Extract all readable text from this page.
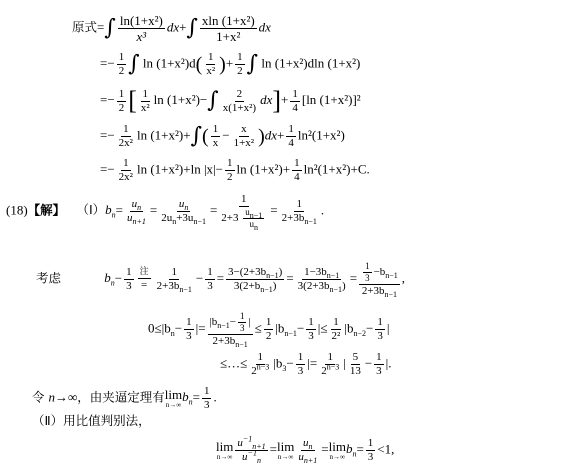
原式=∫ $\frac{\text{ln(1+x²)}}{\text{x³}} dx+\int \frac{\text{xln (1+x²)}}{\text{1+x²}}$ dx
=− $\frac{1}{2}$ ∫ $\ln (1+x^2)d( \frac{1}{\text{x²}}$ )+ $\frac{1}{2}$ ∫ ln (1+x²)dln (1+x²)
=− $\frac{1}{2}$ [ $\frac{1}{\text{x²}}$ $\ln (1+x^2)-\int \frac{2}{\text{x(1+x²)}} dx]+ \frac{1}{4} [\ln$ (1+x²)]²
=− $\frac{1}{\text{2x²}}$ $\ln (1+x^2)+\int( \frac{1}{x} - \frac{x}{\text{1+x²}} )dx+ \frac{1}{4} \ln^2(1+x^2)$
=− $\frac{1}{\text{2x²}}$ ln (1+x²)+ln $|x|- \frac{1}{2}$ $\ln (1+x^2)+ \frac{1}{4} \ln^2(1+x^2)+C$.
(18)【解】 $(Ⅰ)b_n= \frac{u_n}{u_{n+1}} = \frac{u_n}{2u_n+3u_{n-1}} = \frac{1}{2+3 \frac{u_{n-1}}{u_n}} = \frac{1}{2+3b_{n-1}}$ .
考虑	$b_n- \frac{1}{3} \frac{\text{注}}{=} \frac{1}{2+3b_{n-1}} - \frac{1}{3} = \frac{3-(2+3b_{n-1})}{3(2+b_{n-1})} = \frac{1-3b_{n-1}}{3(2+3b_{n-1})} = \frac{\frac{1}{3} -b_{n-1}}{2+3b_{n-1}}$ ,
$0\le|b_n- \frac{1}{3}$ |= $\frac{|b_{n-1}- \frac{1}{3} |}{2+3b_{n-1}} \le \frac{1}{2} |b_{n-1}- \frac{1}{3}$ |≤ $\frac{1}{\text{2²}} |b_{n-2}- \frac{1}{3}$ |
≤…≤ $\frac{1}{2^{n-3}} |b_3- \frac{1}{3}$ |= $\frac{1}{2^{n-3}}$ | $\frac{5}{13} - \frac{1}{3}$ |.
令 n→∞，由夹逼定理有 lim
n→∞
$b_n= \frac{1}{3}$ .
（Ⅱ）用比值判别法，
lim
$n\to\infty \frac{u^{-1}_{n+1}}{u^{-1}_n} = \lim$
$n\to\infty \frac{u_n}{u_{n+1}} = \lim$
n→∞
$b_n= \frac{1}{3} <1$,
